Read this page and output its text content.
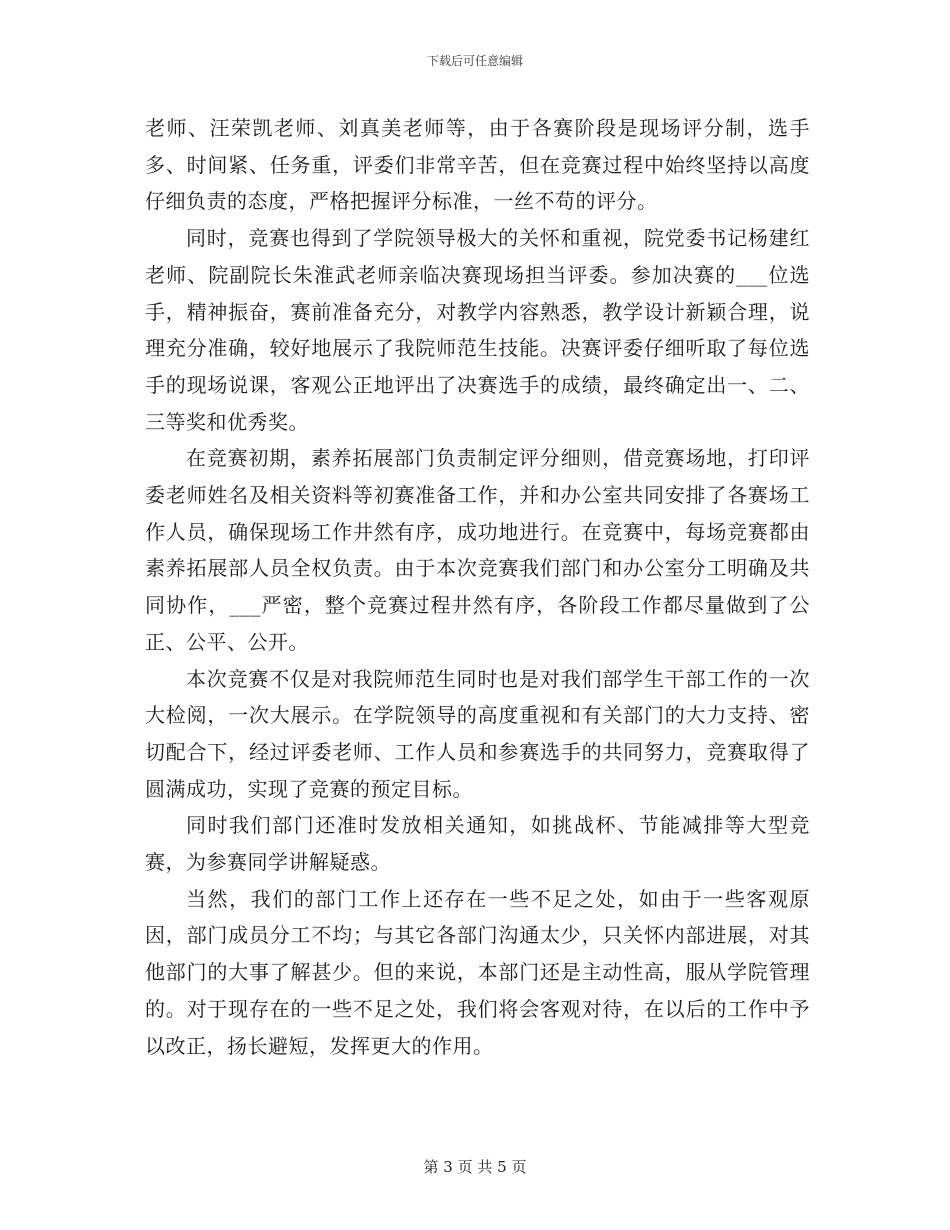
下载后可任意编辑

老师、汪荣凯老师、刘真美老师等，由于各赛阶段是现场评分制，选手多、时间紧、任务重，评委们非常辛苦，但在竞赛过程中始终坚持以高度仔细负责的态度，严格把握评分标准，一丝不苟的评分。

同时，竞赛也得到了学院领导极大的关怀和重视，院党委书记杨建红老师、院副院长朱淮武老师亲临决赛现场担当评委。参加决赛的___位选手，精神振奋，赛前准备充分，对教学内容熟悉，教学设计新颖合理，说理充分准确，较好地展示了我院师范生技能。决赛评委仔细听取了每位选手的现场说课，客观公正地评出了决赛选手的成绩，最终确定出一、二、三等奖和优秀奖。

在竞赛初期，素养拓展部门负责制定评分细则，借竞赛场地，打印评委老师姓名及相关资料等初赛准备工作，并和办公室共同安排了各赛场工作人员，确保现场工作井然有序，成功地进行。在竞赛中，每场竞赛都由素养拓展部人员全权负责。由于本次竞赛我们部门和办公室分工明确及共同协作，___严密，整个竞赛过程井然有序，各阶段工作都尽量做到了公正、公平、公开。

本次竞赛不仅是对我院师范生同时也是对我们部学生干部工作的一次大检阅，一次大展示。在学院领导的高度重视和有关部门的大力支持、密切配合下，经过评委老师、工作人员和参赛选手的共同努力，竞赛取得了圆满成功，实现了竞赛的预定目标。

同时我们部门还准时发放相关通知，如挑战杯、节能减排等大型竞赛，为参赛同学讲解疑惑。

当然，我们的部门工作上还存在一些不足之处，如由于一些客观原因，部门成员分工不均；与其它各部门沟通太少，只关怀内部进展，对其他部门的大事了解甚少。但的来说，本部门还是主动性高，服从学院管理的。对于现存在的一些不足之处，我们将会客观对待，在以后的工作中予以改正，扬长避短，发挥更大的作用。

第 3 页 共 5 页
